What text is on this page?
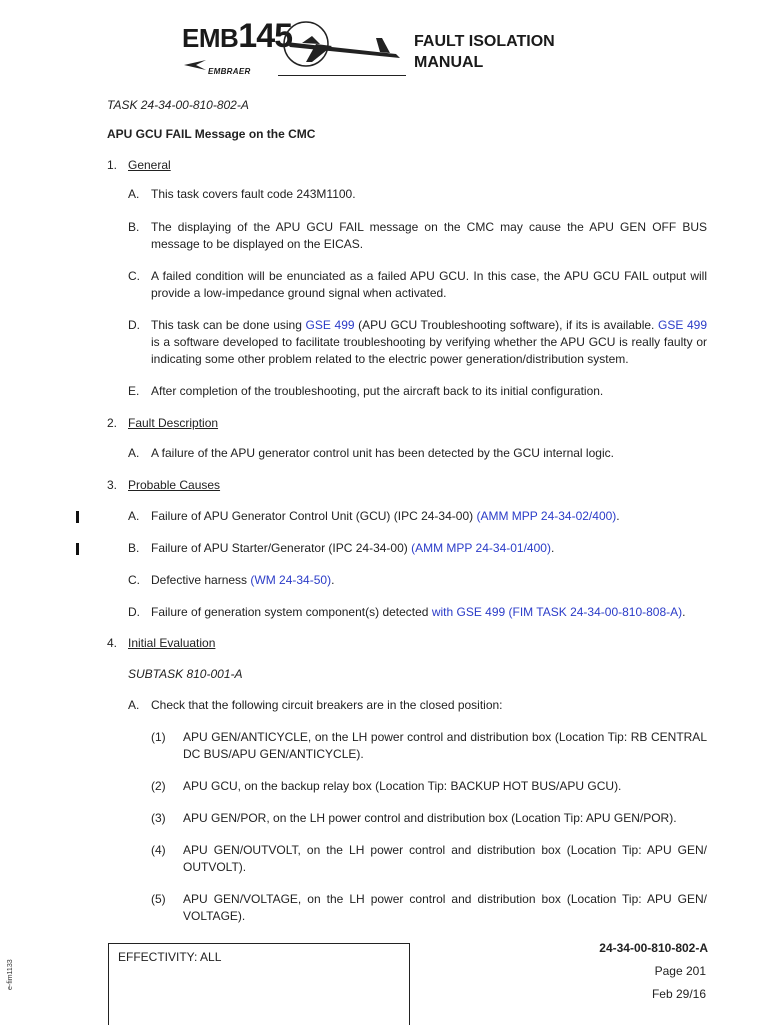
EMB145
EMBRAER
FAULT ISOLATION
MANUAL
TASK 24-34-00-810-802-A
APU GCU FAIL Message on the CMC
1. General
A. This task covers fault code 243M1100.
B. The displaying of the APU GCU FAIL message on the CMC may cause the APU GEN OFF BUS message to be displayed on the EICAS.
C. A failed condition will be enunciated as a failed APU GCU. In this case, the APU GCU FAIL output will provide a low-impedance ground signal when activated.
D. This task can be done using GSE 499 (APU GCU Troubleshooting software), if its is available. GSE 499 is a software developed to facilitate troubleshooting by verifying whether the APU GCU is really faulty or indicating some other problem related to the electric power generation/distribution system.
E. After completion of the troubleshooting, put the aircraft back to its initial configuration.
2. Fault Description
A. A failure of the APU generator control unit has been detected by the GCU internal logic.
3. Probable Causes
A. Failure of APU Generator Control Unit (GCU) (IPC 24-34-00) (AMM MPP 24-34-02/400).
B. Failure of APU Starter/Generator (IPC 24-34-00) (AMM MPP 24-34-01/400).
C. Defective harness (WM 24-34-50).
D. Failure of generation system component(s) detected with GSE 499 (FIM TASK 24-34-00-810-808-A).
4. Initial Evaluation
SUBTASK 810-001-A
A. Check that the following circuit breakers are in the closed position:
(1) APU GEN/ANTICYCLE, on the LH power control and distribution box (Location Tip: RB CENTRAL DC BUS/APU GEN/ANTICYCLE).
(2) APU GCU, on the backup relay box (Location Tip: BACKUP HOT BUS/APU GCU).
(3) APU GEN/POR, on the LH power control and distribution box (Location Tip: APU GEN/POR).
(4) APU GEN/OUTVOLT, on the LH power control and distribution box (Location Tip: APU GEN/ OUTVOLT).
(5) APU GEN/VOLTAGE, on the LH power control and distribution box (Location Tip: APU GEN/ VOLTAGE).
EFFECTIVITY: ALL
24-34-00-810-802-A
Page 201
Feb 29/16
e-fim1133
